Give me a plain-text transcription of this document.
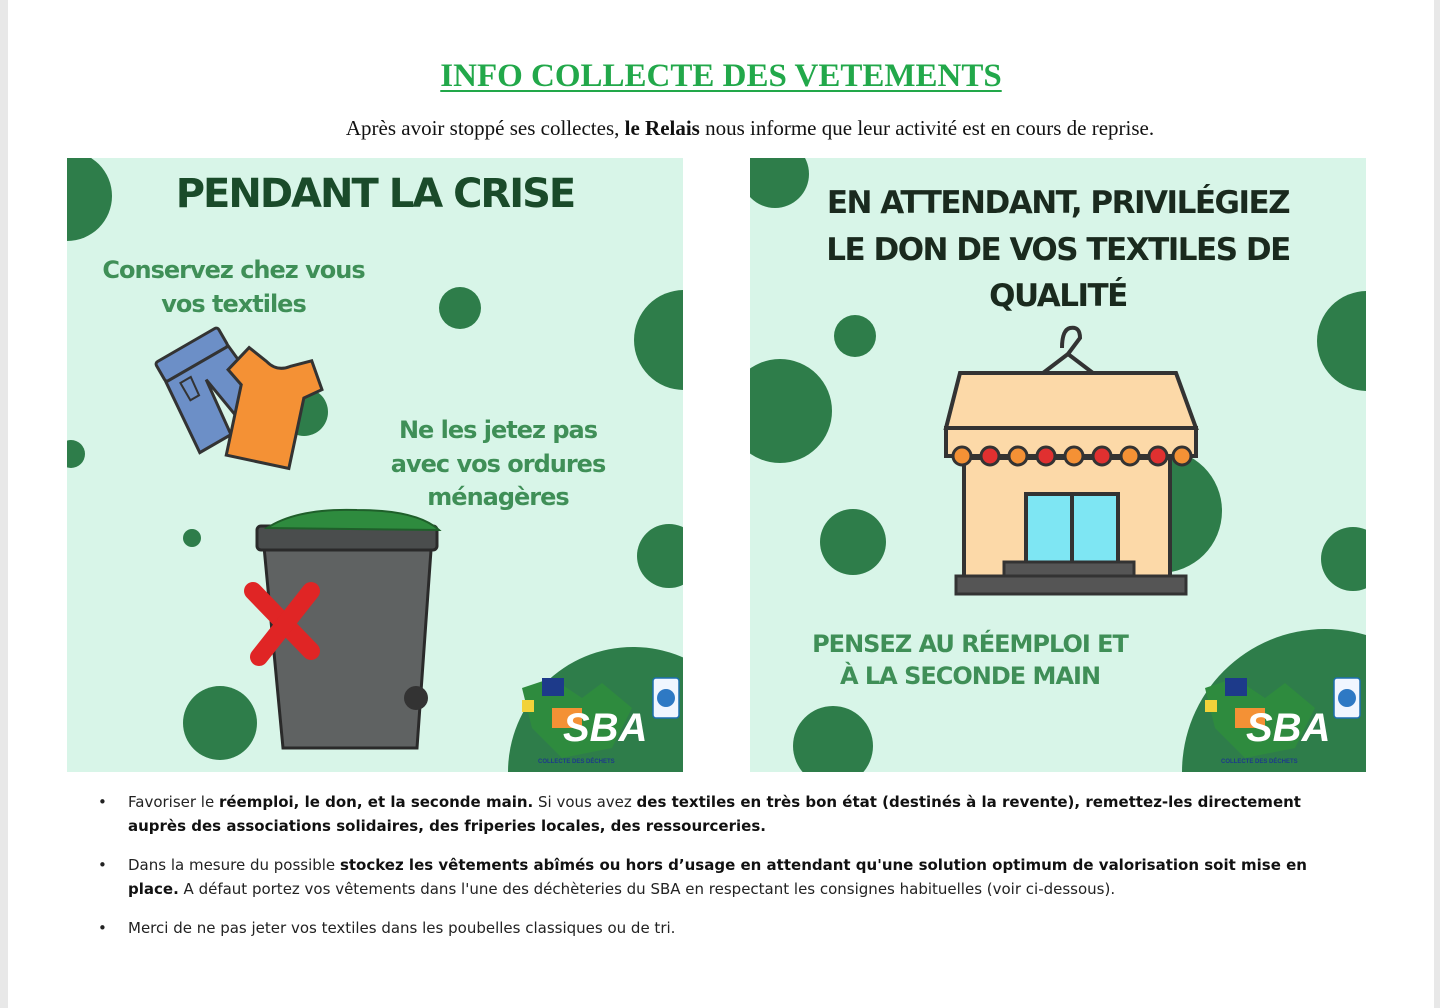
INFO COLLECTE DES VETEMENTS
Après avoir stoppé ses collectes, le Relais nous informe que leur activité est en cours de reprise.
PENDANT LA CRISE
Conservez chez vous
vos textiles
Ne les jetez pas
avec vos ordures
ménagères
SBA
COLLECTE DES DÉCHETS
EN ATTENDANT, PRIVILÉGIEZ
LE DON DE VOS TEXTILES DE
QUALITÉ
PENSEZ AU RÉEMPLOI ET
À LA SECONDE MAIN
SBA
COLLECTE DES DÉCHETS
• Favoriser le réemploi, le don, et la seconde main. Si vous avez des textiles en très bon état (destinés à la revente), remettez-les directement auprès des associations solidaires, des friperies locales, des ressourceries.
• Dans la mesure du possible stockez les vêtements abîmés ou hors d’usage en attendant qu'une solution optimum de valorisation soit mise en place. A défaut portez vos vêtements dans l'une des déchèteries du SBA en respectant les consignes habituelles (voir ci-dessous).
• Merci de ne pas jeter vos textiles dans les poubelles classiques ou de tri.
